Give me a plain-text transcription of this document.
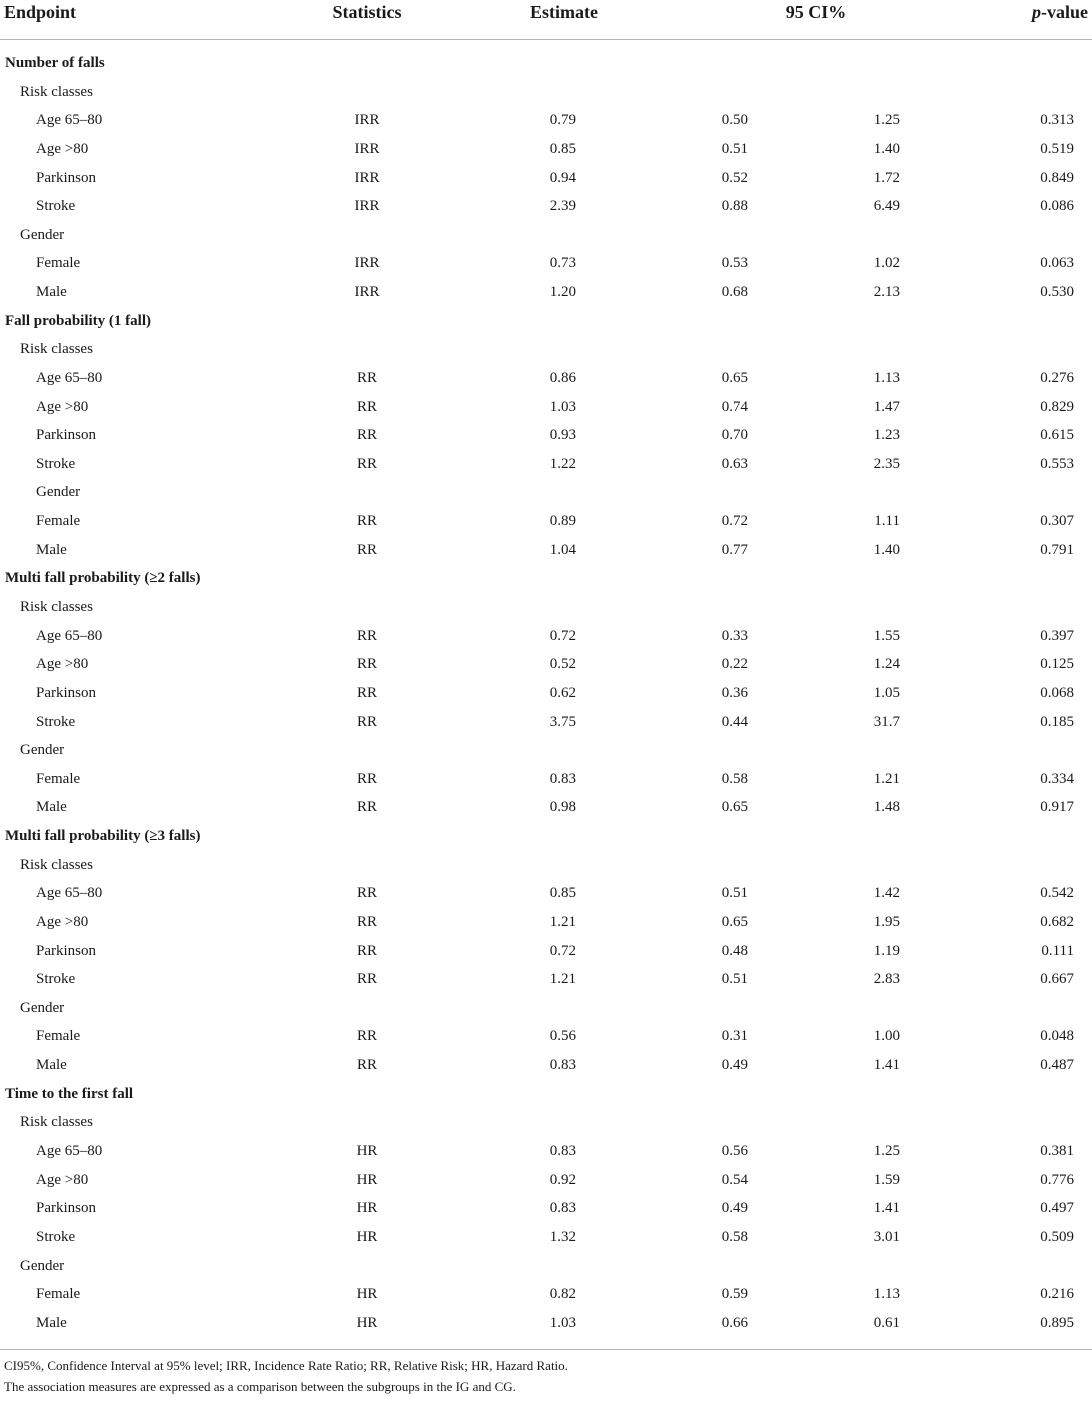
Endpoint	Statistics	Estimate	95 CI%	p-value
Number of falls
Risk classes
Age 65–80	IRR	0.79	0.50	1.25	0.313
Age >80	IRR	0.85	0.51	1.40	0.519
Parkinson	IRR	0.94	0.52	1.72	0.849
Stroke	IRR	2.39	0.88	6.49	0.086
Gender
Female	IRR	0.73	0.53	1.02	0.063
Male	IRR	1.20	0.68	2.13	0.530
Fall probability (1 fall)
Risk classes
Age 65–80	RR	0.86	0.65	1.13	0.276
Age >80	RR	1.03	0.74	1.47	0.829
Parkinson	RR	0.93	0.70	1.23	0.615
Stroke	RR	1.22	0.63	2.35	0.553
Gender
Female	RR	0.89	0.72	1.11	0.307
Male	RR	1.04	0.77	1.40	0.791
Multi fall probability (≥2 falls)
Risk classes
Age 65–80	RR	0.72	0.33	1.55	0.397
Age >80	RR	0.52	0.22	1.24	0.125
Parkinson	RR	0.62	0.36	1.05	0.068
Stroke	RR	3.75	0.44	31.7	0.185
Gender
Female	RR	0.83	0.58	1.21	0.334
Male	RR	0.98	0.65	1.48	0.917
Multi fall probability (≥3 falls)
Risk classes
Age 65–80	RR	0.85	0.51	1.42	0.542
Age >80	RR	1.21	0.65	1.95	0.682
Parkinson	RR	0.72	0.48	1.19	0.111
Stroke	RR	1.21	0.51	2.83	0.667
Gender
Female	RR	0.56	0.31	1.00	0.048
Male	RR	0.83	0.49	1.41	0.487
Time to the first fall
Risk classes
Age 65–80	HR	0.83	0.56	1.25	0.381
Age >80	HR	0.92	0.54	1.59	0.776
Parkinson	HR	0.83	0.49	1.41	0.497
Stroke	HR	1.32	0.58	3.01	0.509
Gender
Female	HR	0.82	0.59	1.13	0.216
Male	HR	1.03	0.66	0.61	0.895
CI95%, Confidence Interval at 95% level; IRR, Incidence Rate Ratio; RR, Relative Risk; HR, Hazard Ratio.
The association measures are expressed as a comparison between the subgroups in the IG and CG.
